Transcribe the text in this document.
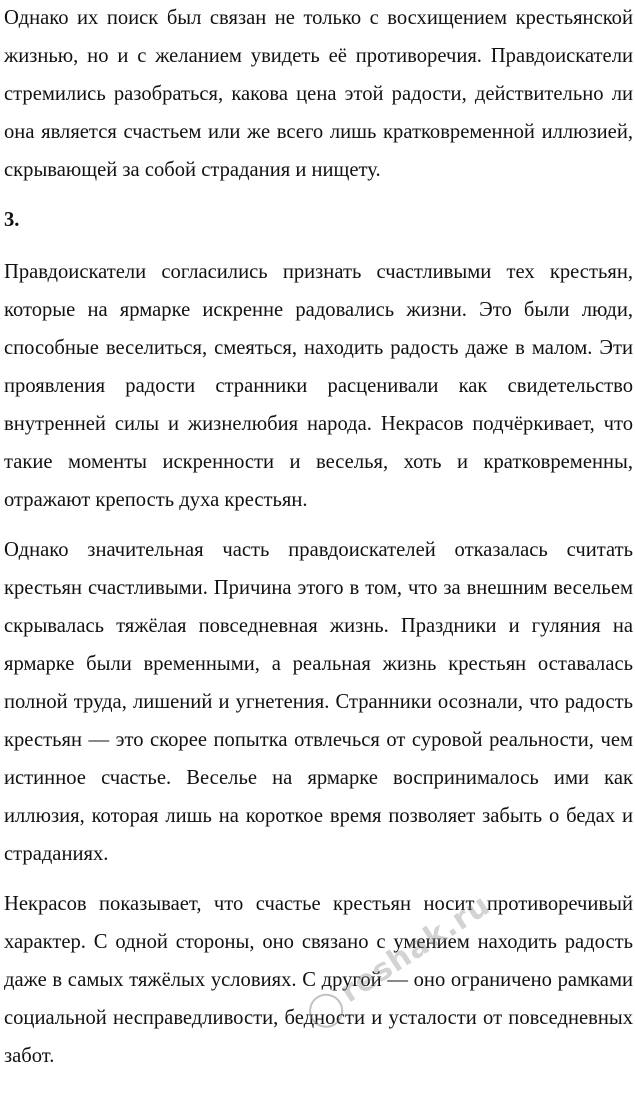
Однако их поиск был связан не только с восхищением крестьянской жизнью, но и с желанием увидеть её противоречия. Правдоискатели стремились разобраться, какова цена этой радости, действительно ли она является счастьем или же всего лишь кратковременной иллюзией, скрывающей за собой страдания и нищету.

3.

Правдоискатели согласились признать счастливыми тех крестьян, которые на ярмарке искренне радовались жизни. Это были люди, способные веселиться, смеяться, находить радость даже в малом. Эти проявления радости странники расценивали как свидетельство внутренней силы и жизнелюбия народа. Некрасов подчёркивает, что такие моменты искренности и веселья, хоть и кратковременны, отражают крепость духа крестьян.

Однако значительная часть правдоискателей отказалась считать крестьян счастливыми. Причина этого в том, что за внешним весельем скрывалась тяжёлая повседневная жизнь. Праздники и гуляния на ярмарке были временными, а реальная жизнь крестьян оставалась полной труда, лишений и угнетения. Странники осознали, что радость крестьян — это скорее попытка отвлечься от суровой реальности, чем истинное счастье. Веселье на ярмарке воспринималось ими как иллюзия, которая лишь на короткое время позволяет забыть о бедах и страданиях.

Некрасов показывает, что счастье крестьян носит противоречивый характер. С одной стороны, оно связано с умением находить радость даже в самых тяжёлых условиях. С другой — оно ограничено рамками социальной несправедливости, бедности и усталости от повседневных забот.

reshak.ru
